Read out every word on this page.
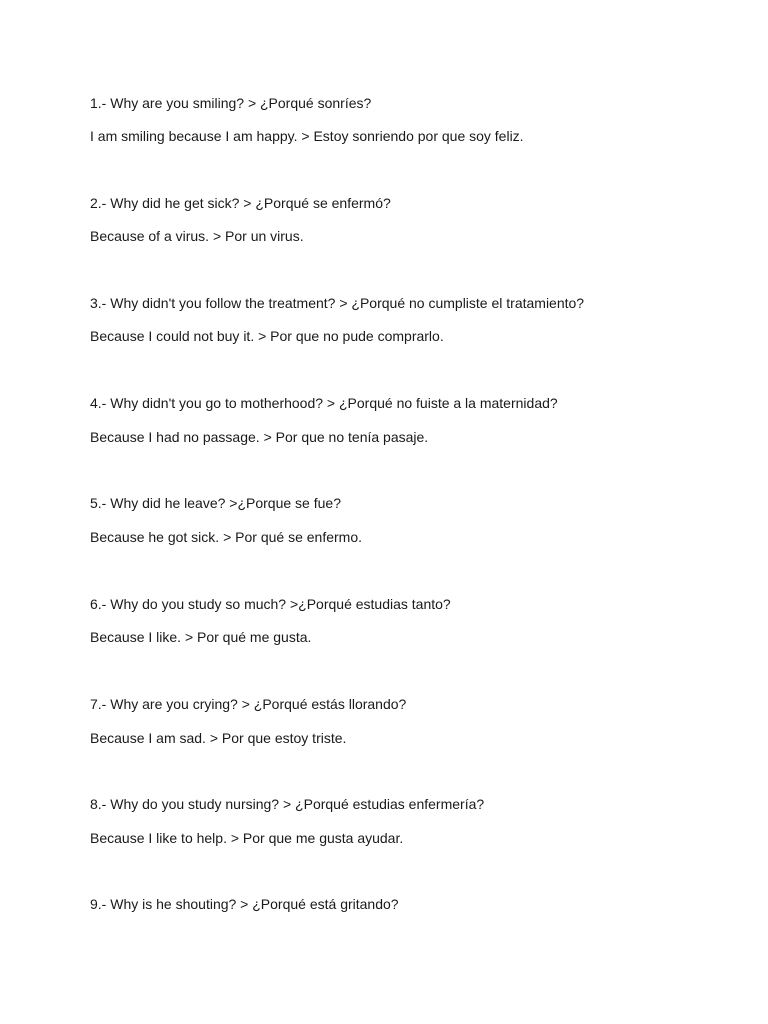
1.- Why are you smiling? > ¿Porqué sonríes?
I am smiling because I am happy. > Estoy sonriendo por que soy feliz.
2.- Why did he get sick? > ¿Porqué se enfermó?
Because of a virus. > Por un virus.
3.- Why didn't you follow the treatment? > ¿Porqué no cumpliste el tratamiento?
Because I could not buy it. > Por que no pude comprarlo.
4.- Why didn't you go to motherhood? > ¿Porqué no fuiste a la maternidad?
Because I had no passage. > Por que no tenía pasaje.
5.- Why did he leave? >¿Porque se fue?
Because he got sick. > Por qué se enfermo.
6.- Why do you study so much? >¿Porqué estudias tanto?
Because I like. > Por qué me gusta.
7.- Why are you crying? > ¿Porqué estás llorando?
Because I am sad. > Por que estoy triste.
8.- Why do you study nursing? > ¿Porqué estudias enfermería?
Because I like to help. > Por que me gusta ayudar.
9.- Why is he shouting? > ¿Porqué está gritando?
